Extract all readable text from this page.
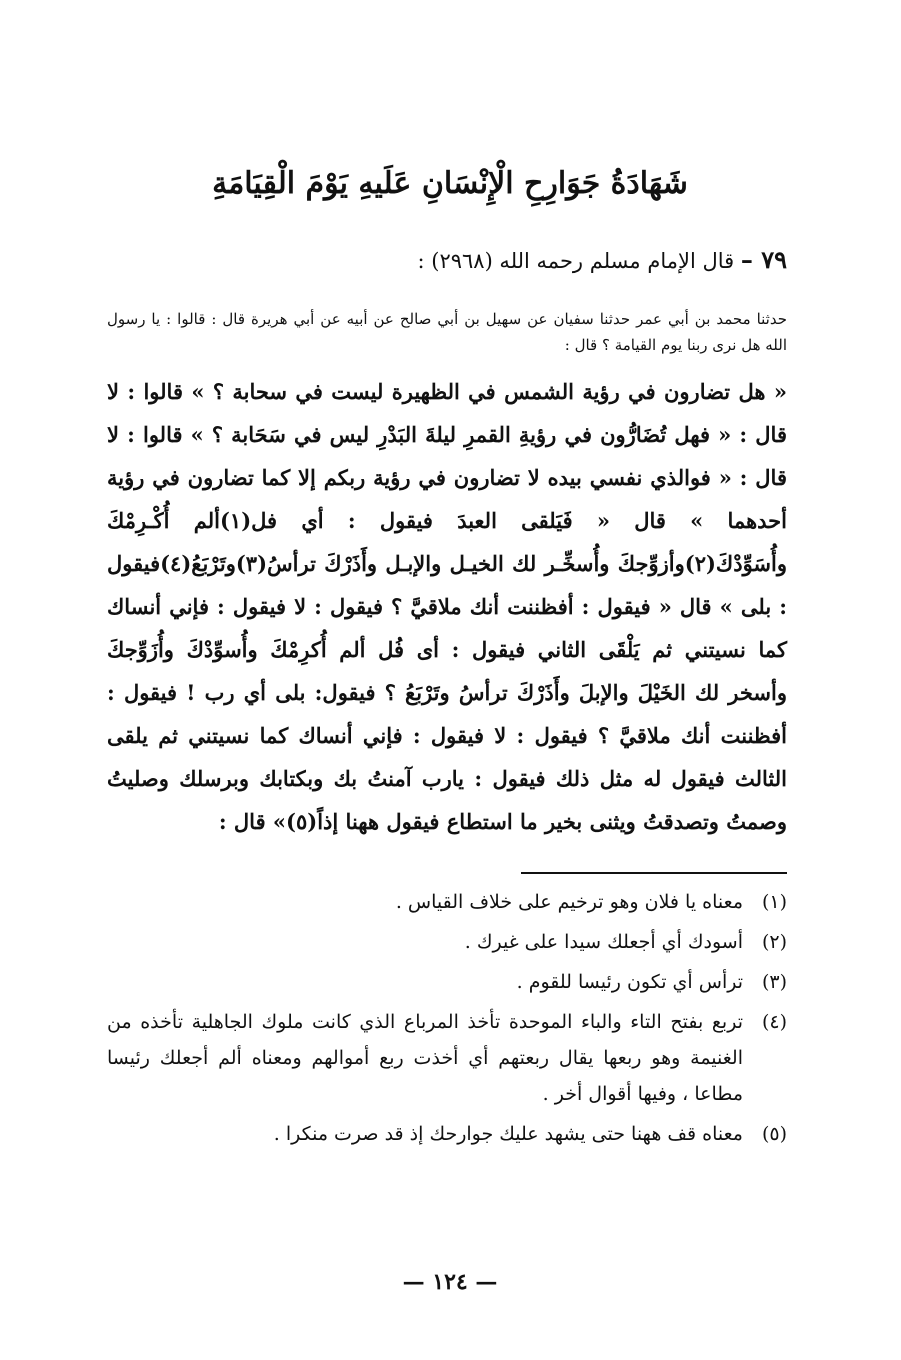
شَهَادَةُ جَوَارِحِ الْإِنْسَانِ عَلَيهِ يَوْمَ الْقِيَامَةِ
٧٩ – قال الإمام مسلم رحمه الله (٢٩٦٨) :
حدثنا محمد بن أبي عمر حدثنا سفيان عن سهيل بن أبي صالح عن أبيه عن أبي هريرة قال : قالوا : يا رسول الله هل نرى ربنا يوم القيامة ؟ قال :
« هل تضارون في رؤية الشمس في الظهيرة ليست في سحابة ؟ » قالوا : لا قال : « فهل تُضَارُّون في رؤيةِ القمرِ ليلةَ البَدْرِ ليس في سَحَابة ؟ » قالوا : لا قال : « فوالذي نفسي بيده لا تضارون في رؤية ربكم إلا كما تضارون في رؤية أحدهما » قال « فَيَلقى العبدَ فيقول : أي فل(١)ألم أُكْـرِمْكَ وأُسَوِّدْكَ(٢)وأزوِّجكَ وأُسخِّـر لك الخيـل والإبـل وأَذَرْكَ ترأسُ(٣)وتَرْبَعُ(٤)فيقول : بلى » قال « فيقول : أفظننت أنك ملاقيَّ ؟ فيقول : لا فيقول : فإني أنساك كما نسيتني ثم يَلْقَى الثاني فيقول : أى فُل ألم أُكرِمْكَ وأُسوِّدْكَ وأُزَوِّجكَ وأسخر لك الخَيْلَ والإبلَ وأَذَرْكَ ترأسُ وتَرْبَعُ ؟ فيقول: بلى أي رب ! فيقول : أفظننت أنك ملاقيَّ ؟ فيقول : لا فيقول : فإني أنساك كما نسيتني ثم يلقى الثالث فيقول له مثل ذلك فيقول : يارب آمنتُ بك وبكتابك وبرسلك وصليتُ وصمتُ وتصدقتُ ويثنى بخير ما استطاع فيقول ههنا إذاً(٥)» قال :
(١)
معناه يا فلان وهو ترخيم على خلاف القياس .
(٢)
أسودك أي أجعلك سيدا على غيرك .
(٣)
ترأس أي تكون رئيسا للقوم .
(٤)
تربع بفتح التاء والباء الموحدة تأخذ المرباع الذي كانت ملوك الجاهلية تأخذه من الغنيمة وهو ربعها يقال ربعتهم أي أخذت ربع أموالهم ومعناه ألم أجعلك رئيسا مطاعا ، وفيها أقوال أخر .
(٥)
معناه قف ههنا حتى يشهد عليك جوارحك إذ قد صرت منكرا .
— ١٢٤ —
